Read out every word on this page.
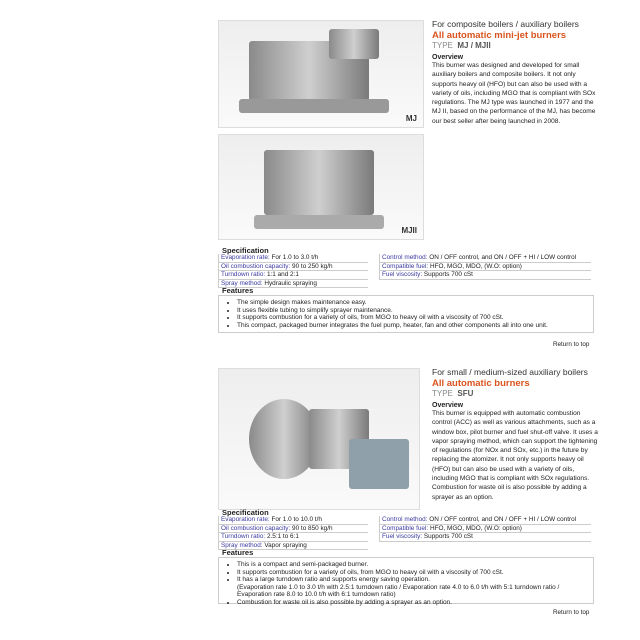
MJ
MJII
For composite boilers / auxiliary boilers
All automatic mini-jet burners
TYPE MJ / MJII
Overview
This burner was designed and developed for small auxiliary boilers and composite boilers. It not only supports heavy oil (HFO) but can also be used with a variety of oils, including MGO that is compliant with SOx regulations. The MJ type was launched in 1977 and the MJ II, based on the performance of the MJ, has become our best seller after being launched in 2008.
Specification
Evaporation rate: For 1.0 to 3.0 t/h
Oil combustion capacity: 90 to 250 kg/h
Turndown ratio: 1:1 and 2:1
Spray method: Hydraulic spraying
Control method: ON / OFF control, and ON / OFF + HI / LOW control
Compatible fuel: HFO, MGO, MDO, (W.O: option)
Fuel viscosity: Supports 700 cSt
Features
• The simple design makes maintenance easy.
• It uses flexible tubing to simplify sprayer maintenance.
• It supports combustion for a variety of oils, from MGO to heavy oil with a viscosity of 700 cSt.
• This compact, packaged burner integrates the fuel pump, heater, fan and other components all into one unit.
Return to top
For small / medium-sized auxiliary boilers
All automatic burners
TYPE SFU
Overview
This burner is equipped with automatic combustion control (ACC) as well as various attachments, such as a window box, pilot burner and fuel shut-off valve. It uses a vapor spraying method, which can support the tightening of regulations (for NOx and SOx, etc.) in the future by replacing the atomizer. It not only supports heavy oil (HFO) but can also be used with a variety of oils, including MGO that is compliant with SOx regulations. Combustion for waste oil is also possible by adding a sprayer as an option.
Specification
Evaporation rate: For 1.0 to 10.0 t/h
Oil combustion capacity: 90 to 850 kg/h
Turndown ratio: 2.5:1 to 6:1
Spray method: Vapor spraying
Control method: ON / OFF control, and ON / OFF + HI / LOW control
Compatible fuel: HFO, MGO, MDO, (W.O: option)
Fuel viscosity: Supports 700 cSt
Features
• This is a compact and semi-packaged burner.
• It supports combustion for a variety of oils, from MGO to heavy oil with a viscosity of 700 cSt.
• It has a large turndown ratio and supports energy saving operation.
(Evaporation rate 1.0 to 3.0 t/h with 2.5:1 turndown ratio / Evaporation rate 4.0 to 6.0 t/h with 5:1 turndown ratio / Evaporation rate 8.0 to 10.0 t/h with 6:1 turndown ratio)
• Combustion for waste oil is also possible by adding a sprayer as an option.
Return to top
